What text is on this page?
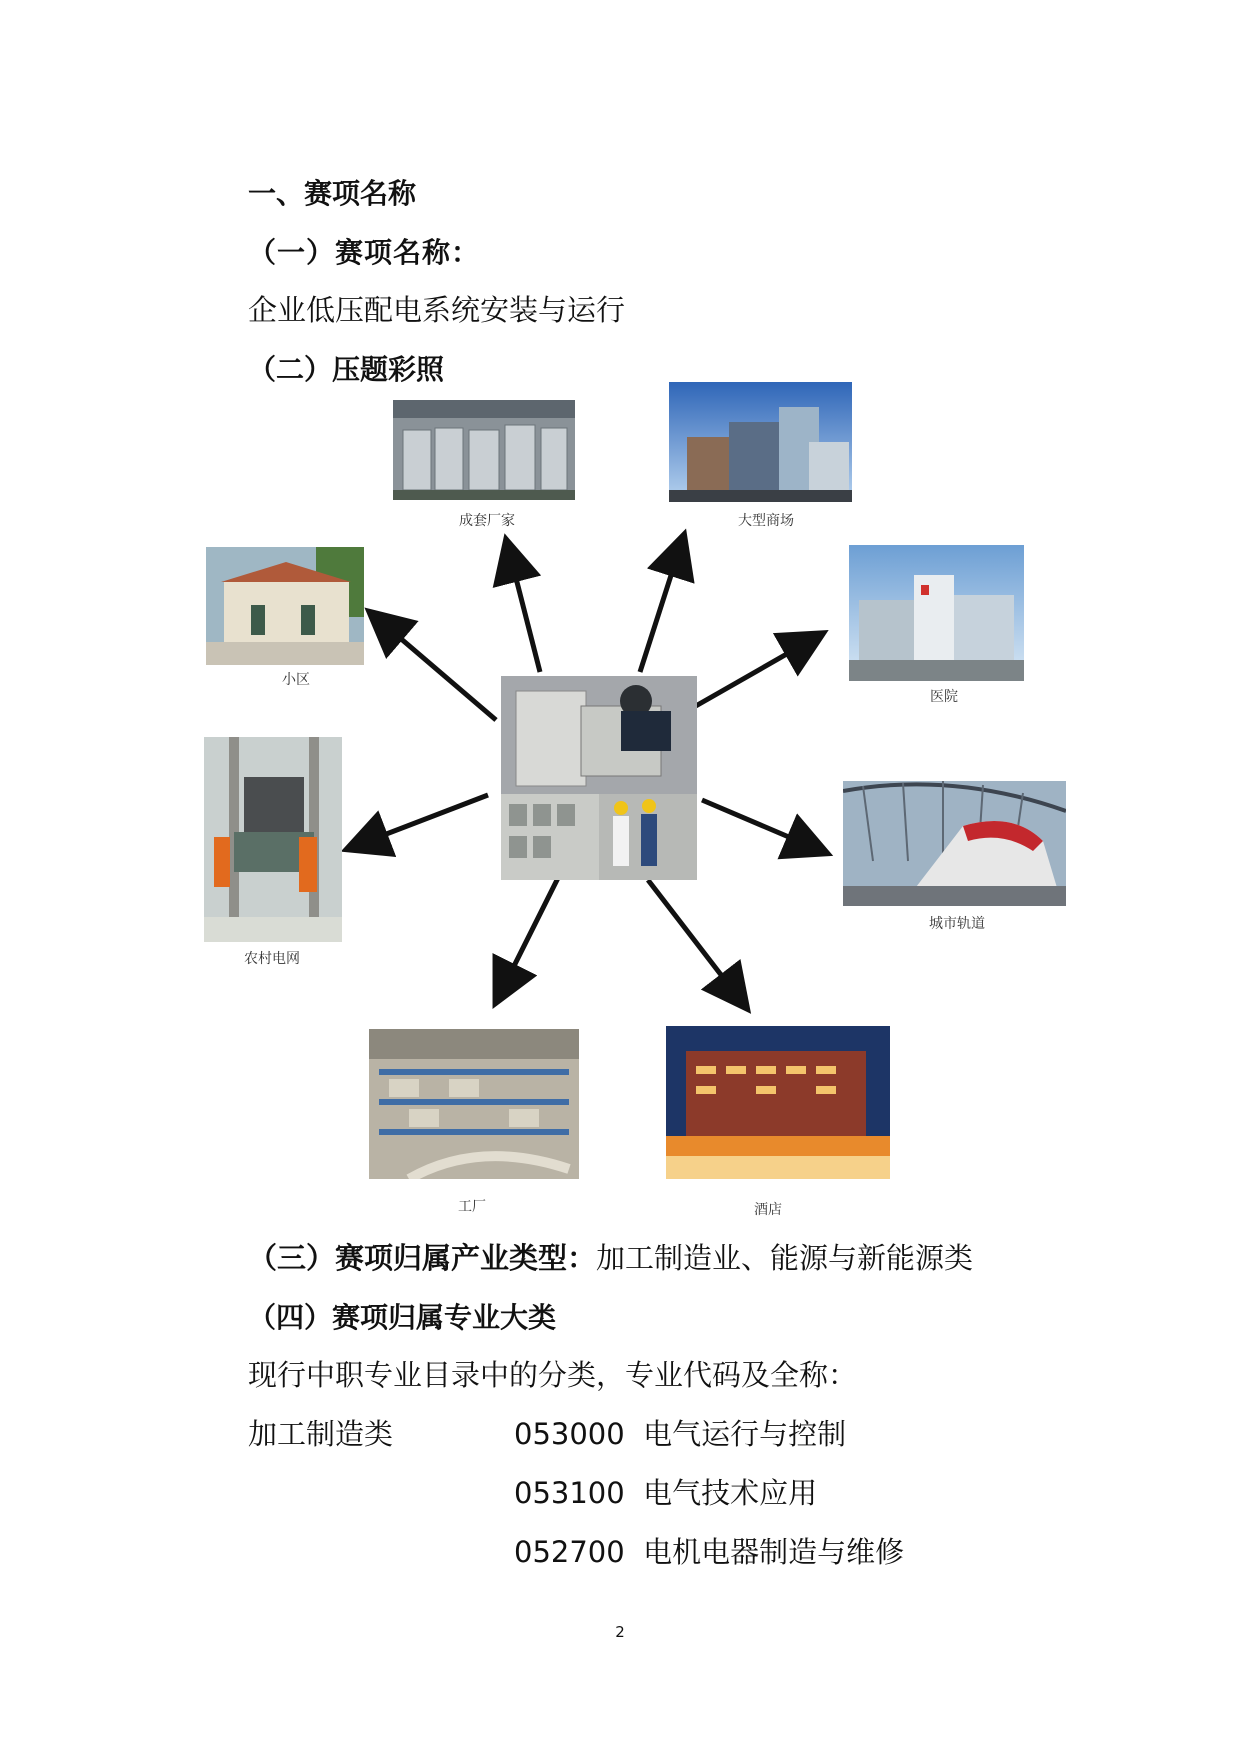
一、赛项名称
（一）赛项名称：
企业低压配电系统安装与运行
（二）压题彩照
成套厂家	大型商场
小区
医院
农村电网
城市轨道
工厂	酒店
（三）赛项归属产业类型：加工制造业、能源与新能源类
（四）赛项归属专业大类
现行中职专业目录中的分类，专业代码及全称：
加工制造类	053000 电气运行与控制
053100 电气技术应用
052700 电机电器制造与维修
2
